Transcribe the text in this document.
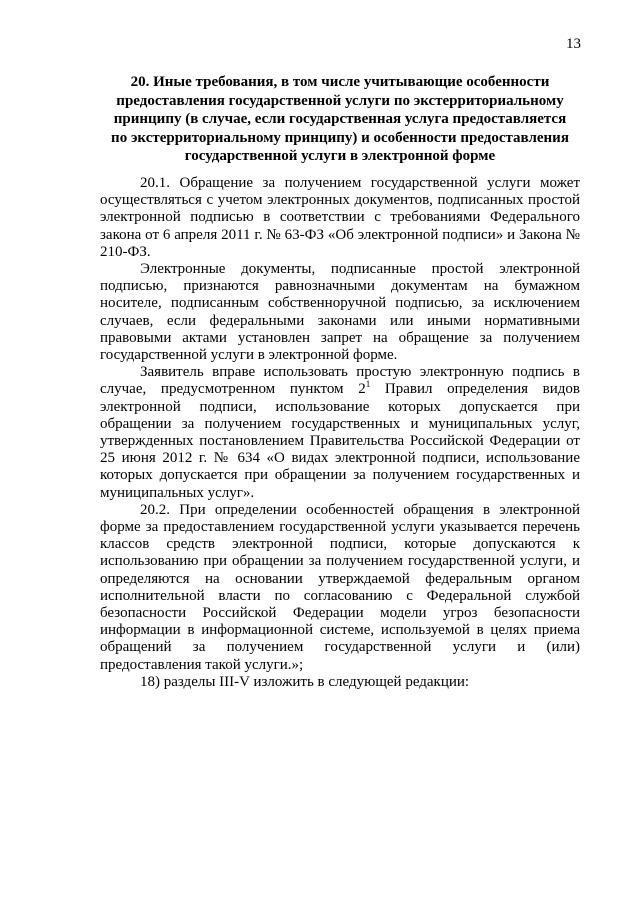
13
20. Иные требования, в том числе учитывающие особенности
предоставления государственной услуги по экстерриториальному
принципу (в случае, если государственная услуга предоставляется
по экстерриториальному принципу) и особенности предоставления
государственной услуги в электронной форме

20.1. Обращение за получением государственной услуги может осуществляться с учетом электронных документов, подписанных простой электронной подписью в соответствии с требованиями Федерального закона от 6 апреля 2011 г. № 63-ФЗ «Об электронной подписи» и Закона № 210-ФЗ.

Электронные документы, подписанные простой электронной подписью, признаются равнозначными документам на бумажном носителе, подписанным собственноручной подписью, за исключением случаев, если федеральными законами или иными нормативными правовыми актами установлен запрет на обращение за получением государственной услуги в электронной форме.

Заявитель вправе использовать простую электронную подпись в случае, предусмотренном пунктом $2^1$ Правил определения видов электронной подписи, использование которых допускается при обращении за получением государственных и муниципальных услуг, утвержденных постановлением Правительства Российской Федерации от 25 июня 2012 г. № 634 «О видах электронной подписи, использование которых допускается при обращении за получением государственных и муниципальных услуг».

20.2. При определении особенностей обращения в электронной форме за предоставлением государственной услуги указывается перечень классов средств электронной подписи, которые допускаются к использованию при обращении за получением государственной услуги, и определяются на основании утверждаемой федеральным органом исполнительной власти по согласованию с Федеральной службой безопасности Российской Федерации модели угроз безопасности информации в информационной системе, используемой в целях приема обращений за получением государственной услуги и (или) предоставления такой услуги.»;

18) разделы III-V изложить в следующей редакции:
